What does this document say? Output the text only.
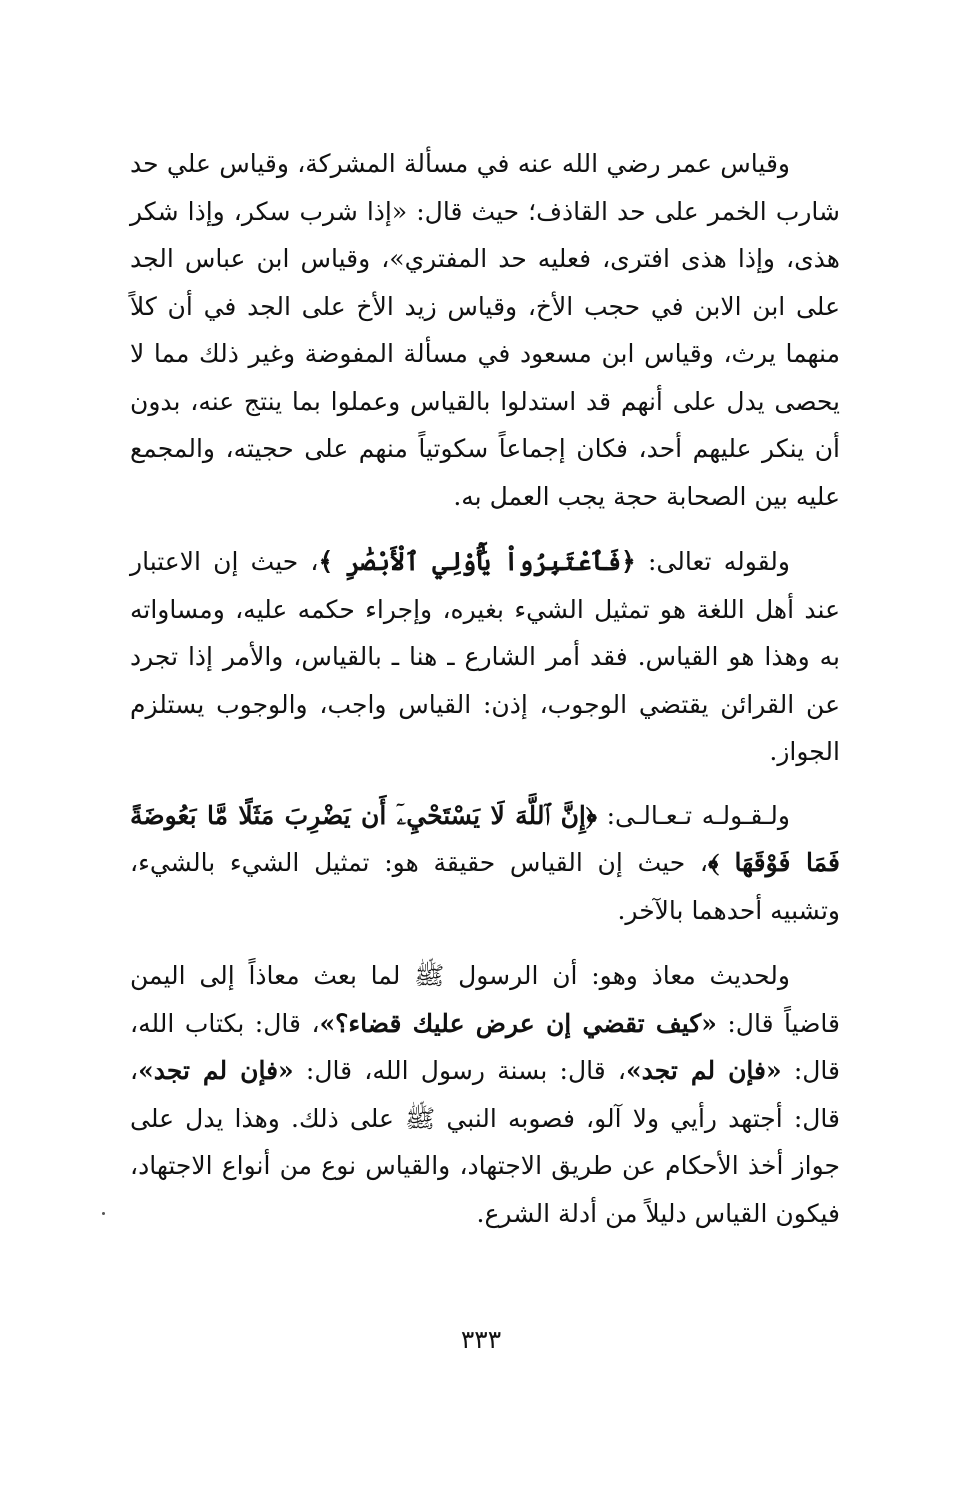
وقياس عمر رضي الله عنه في مسألة المشركة، وقياس علي حد شارب الخمر على حد القاذف؛ حيث قال: «إذا شرب سكر، وإذا شكر هذى، وإذا هذى افترى، فعليه حد المفتري»، وقياس ابن عباس الجد على ابن الابن في حجب الأخ، وقياس زيد الأخ على الجد في أن كلاً منهما يرث، وقياس ابن مسعود في مسألة المفوضة وغير ذلك مما لا يحصى يدل على أنهم قد استدلوا بالقياس وعملوا بما ينتج عنه، بدون أن ينكر عليهم أحد، فكان إجماعاً سكوتياً منهم على حجيته، والمجمع عليه بين الصحابة حجة يجب العمل به.

ولقوله تعالى: ﴿فَٱعْتَبِرُواْ يَٰٓأُوْلِي ٱلْأَبْصَٰرِ ﴾، حيث إن الاعتبار عند أهل اللغة هو تمثيل الشيء بغيره، وإجراء حكمه عليه، ومساواته به وهذا هو القياس. فقد أمر الشارع ـ هنا ـ بالقياس، والأمر إذا تجرد عن القرائن يقتضي الوجوب، إذن: القياس واجب، والوجوب يستلزم الجواز.

ولـقـولـه تـعـالـى: ﴿إِنَّ ٱللَّهَ لَا يَسْتَحْيِۦٓ أَن يَضْرِبَ مَثَلًا مَّا بَعُوضَةً فَمَا فَوْقَهَا ﴾، حيث إن القياس حقيقة هو: تمثيل الشيء بالشيء، وتشبيه أحدهما بالآخر.

ولحديث معاذ وهو: أن الرسول ﷺ لما بعث معاذاً إلى اليمن قاضياً قال: «كيف تقضي إن عرض عليك قضاء؟»، قال: بكتاب الله، قال: «فإن لم تجد»، قال: بسنة رسول الله، قال: «فإن لم تجد»، قال: أجتهد رأيي ولا آلو، فصوبه النبي ﷺ على ذلك. وهذا يدل على جواز أخذ الأحكام عن طريق الاجتهاد، والقياس نوع من أنواع الاجتهاد، فيكون القياس دليلاً من أدلة الشرع.

٣٣٣
